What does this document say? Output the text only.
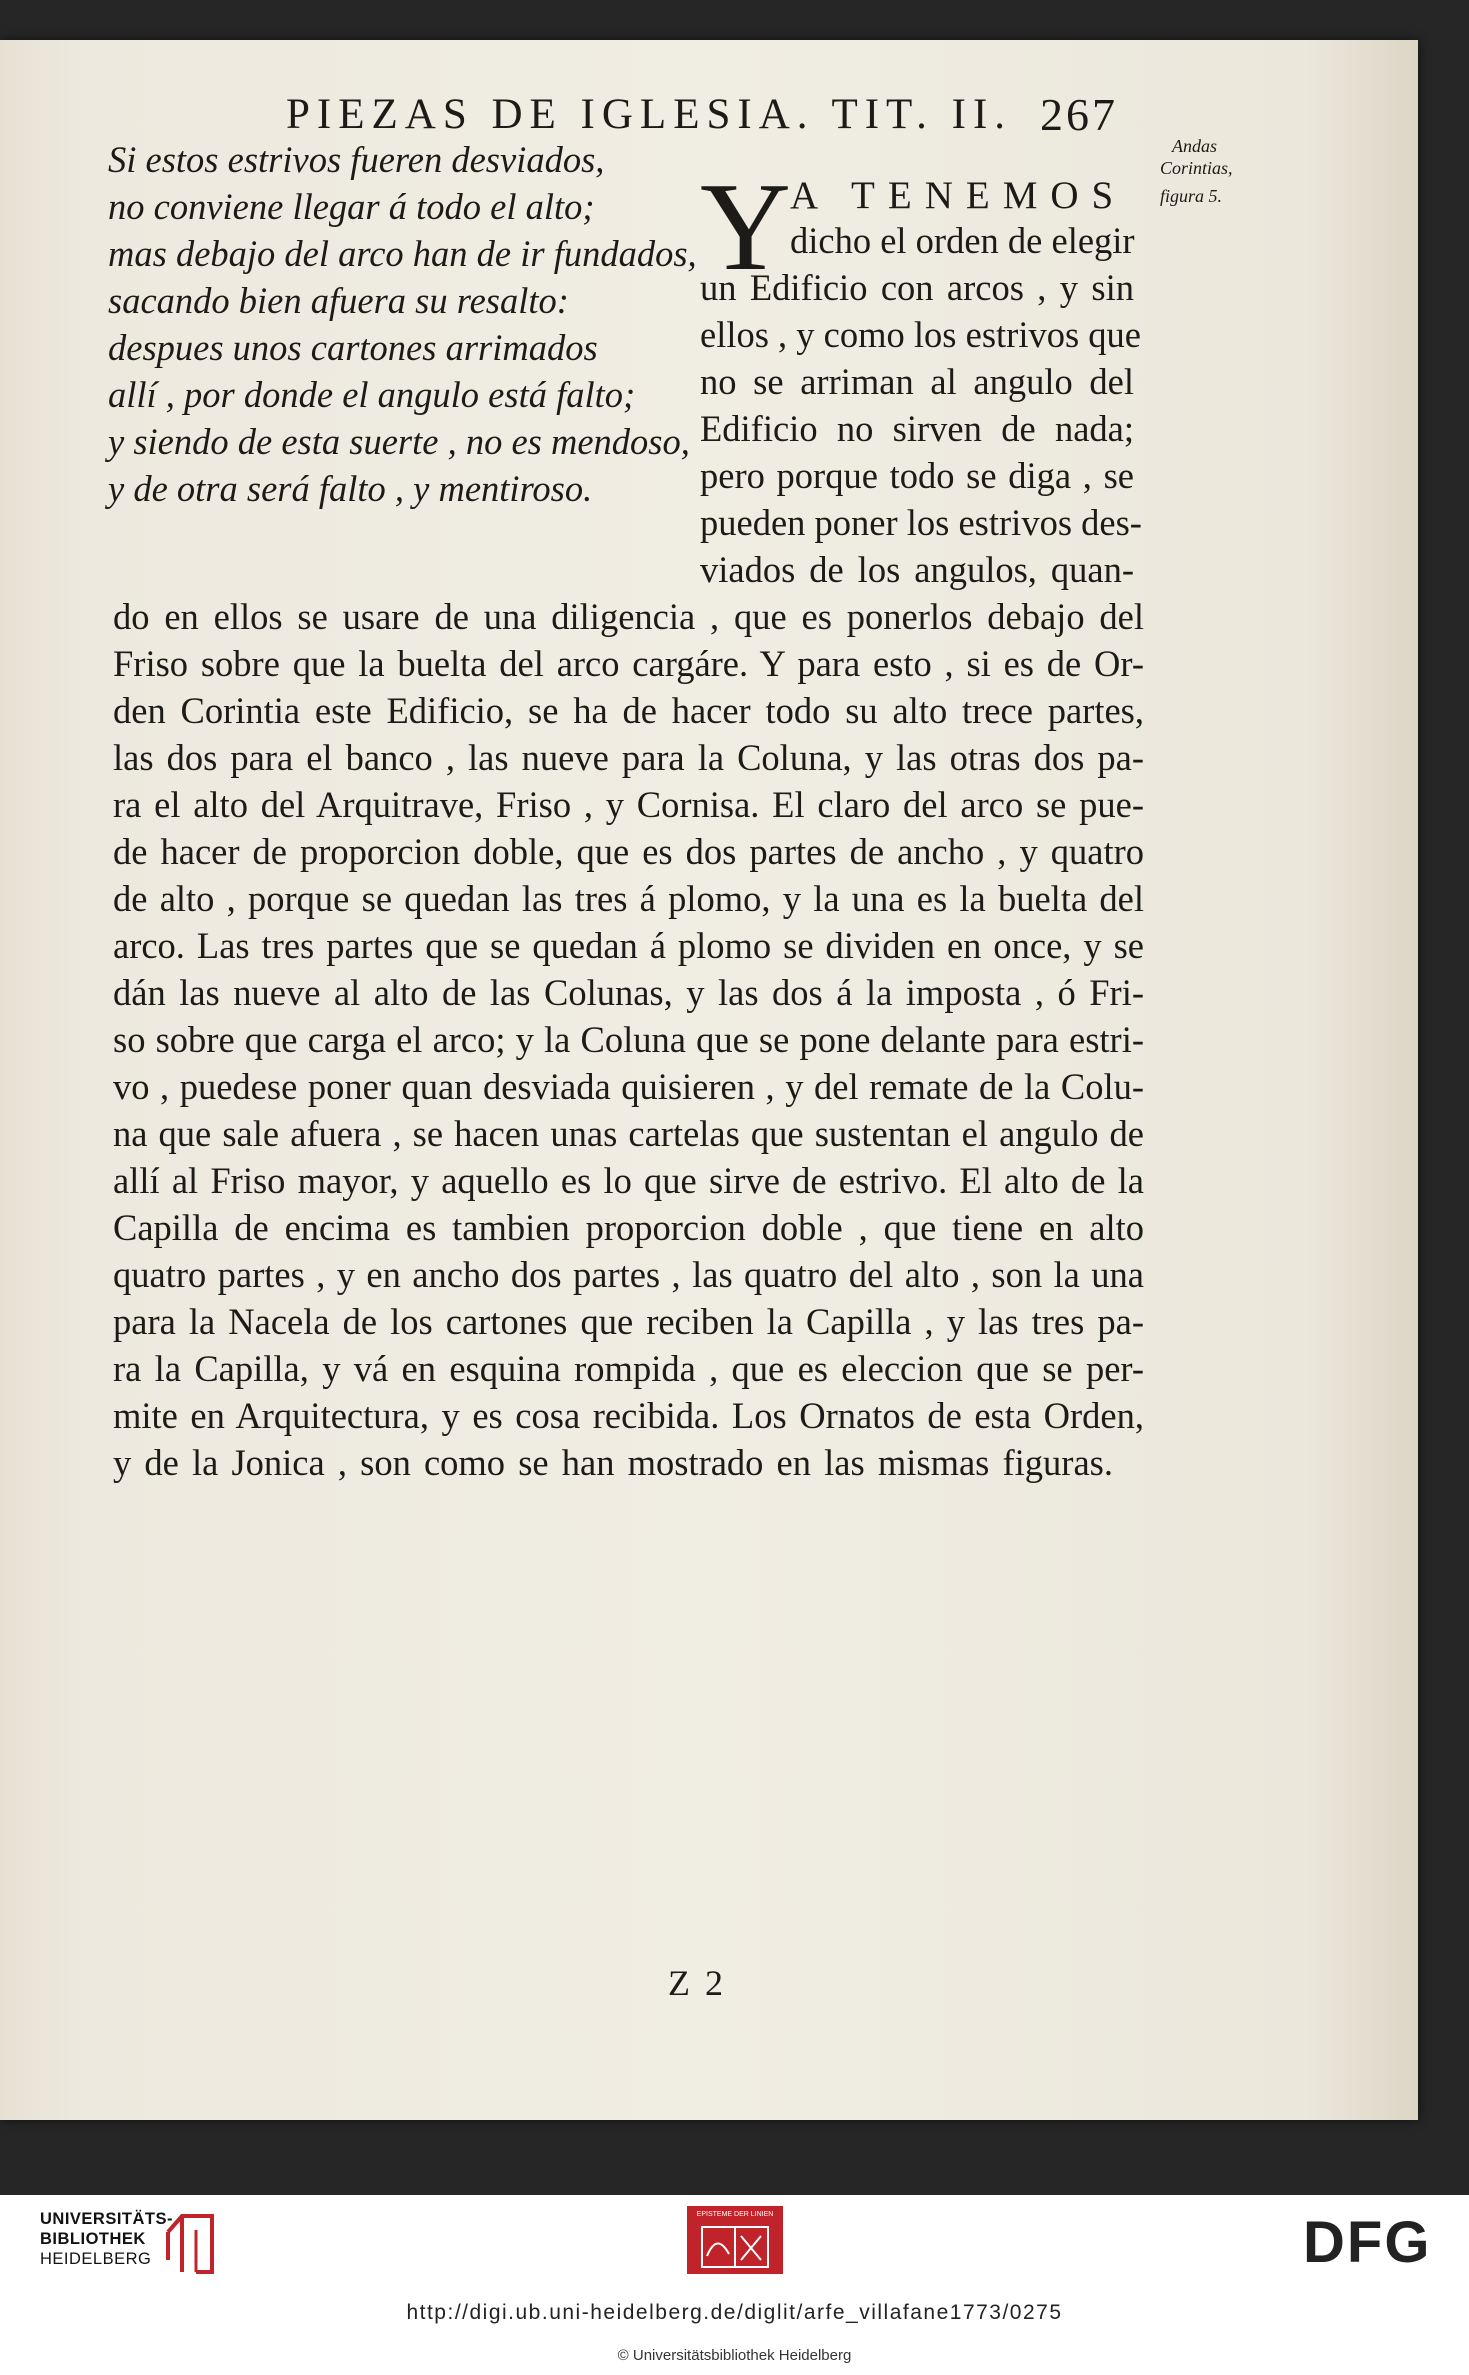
PIEZAS DE IGLESIA. TIT. II. 267

Si estos estrivos fueren desviados,

no conviene llegar á todo el alto;

mas debajo del arco han de ir fundados,

sacando bien afuera su resalto:

despues unos cartones arrimados

allí , por donde el angulo está falto;

y siendo de esta suerte , no es mendoso,

y de otra será falto , y mentiroso.

Y A TENEMOS

dicho el orden de elegir

un Edificio con arcos , y sin

ellos , y como los estrivos que

no se arriman al angulo del

Edificio no sirven de nada;

pero porque todo se diga , se

pueden poner los estrivos des-

viados de los angulos, quan-

Andas
Corintias,
figura 5.

do en ellos se usare de una diligencia , que es ponerlos debajo del

Friso sobre que la buelta del arco cargáre. Y para esto , si es de Or-

den Corintia este Edificio, se ha de hacer todo su alto trece partes,

las dos para el banco , las nueve para la Coluna, y las otras dos pa-

ra el alto del Arquitrave, Friso , y Cornisa. El claro del arco se pue-

de hacer de proporcion doble, que es dos partes de ancho , y quatro

de alto , porque se quedan las tres á plomo, y la una es la buelta del

arco. Las tres partes que se quedan á plomo se dividen en once, y se

dán las nueve al alto de las Colunas, y las dos á la imposta , ó Fri-

so sobre que carga el arco; y la Coluna que se pone delante para estri-

vo , puedese poner quan desviada quisieren , y del remate de la Colu-

na que sale afuera , se hacen unas cartelas que sustentan el angulo de

allí al Friso mayor, y aquello es lo que sirve de estrivo. El alto de la

Capilla de encima es tambien proporcion doble , que tiene en alto

quatro partes , y en ancho dos partes , las quatro del alto , son la una

para la Nacela de los cartones que reciben la Capilla , y las tres pa-

ra la Capilla, y vá en esquina rompida , que es eleccion que se per-

mite en Arquitectura, y es cosa recibida. Los Ornatos de esta Orden,

y de la Jonica , son como se han mostrado en las mismas figuras.

Z 2
UNIVERSITÄTS-
BIBLIOTHEK
HEIDELBERG
EPISTEME DER LINIEN	DFG
http://digi.ub.uni-heidelberg.de/diglit/arfe_villafane1773/0275
© Universitätsbibliothek Heidelberg
